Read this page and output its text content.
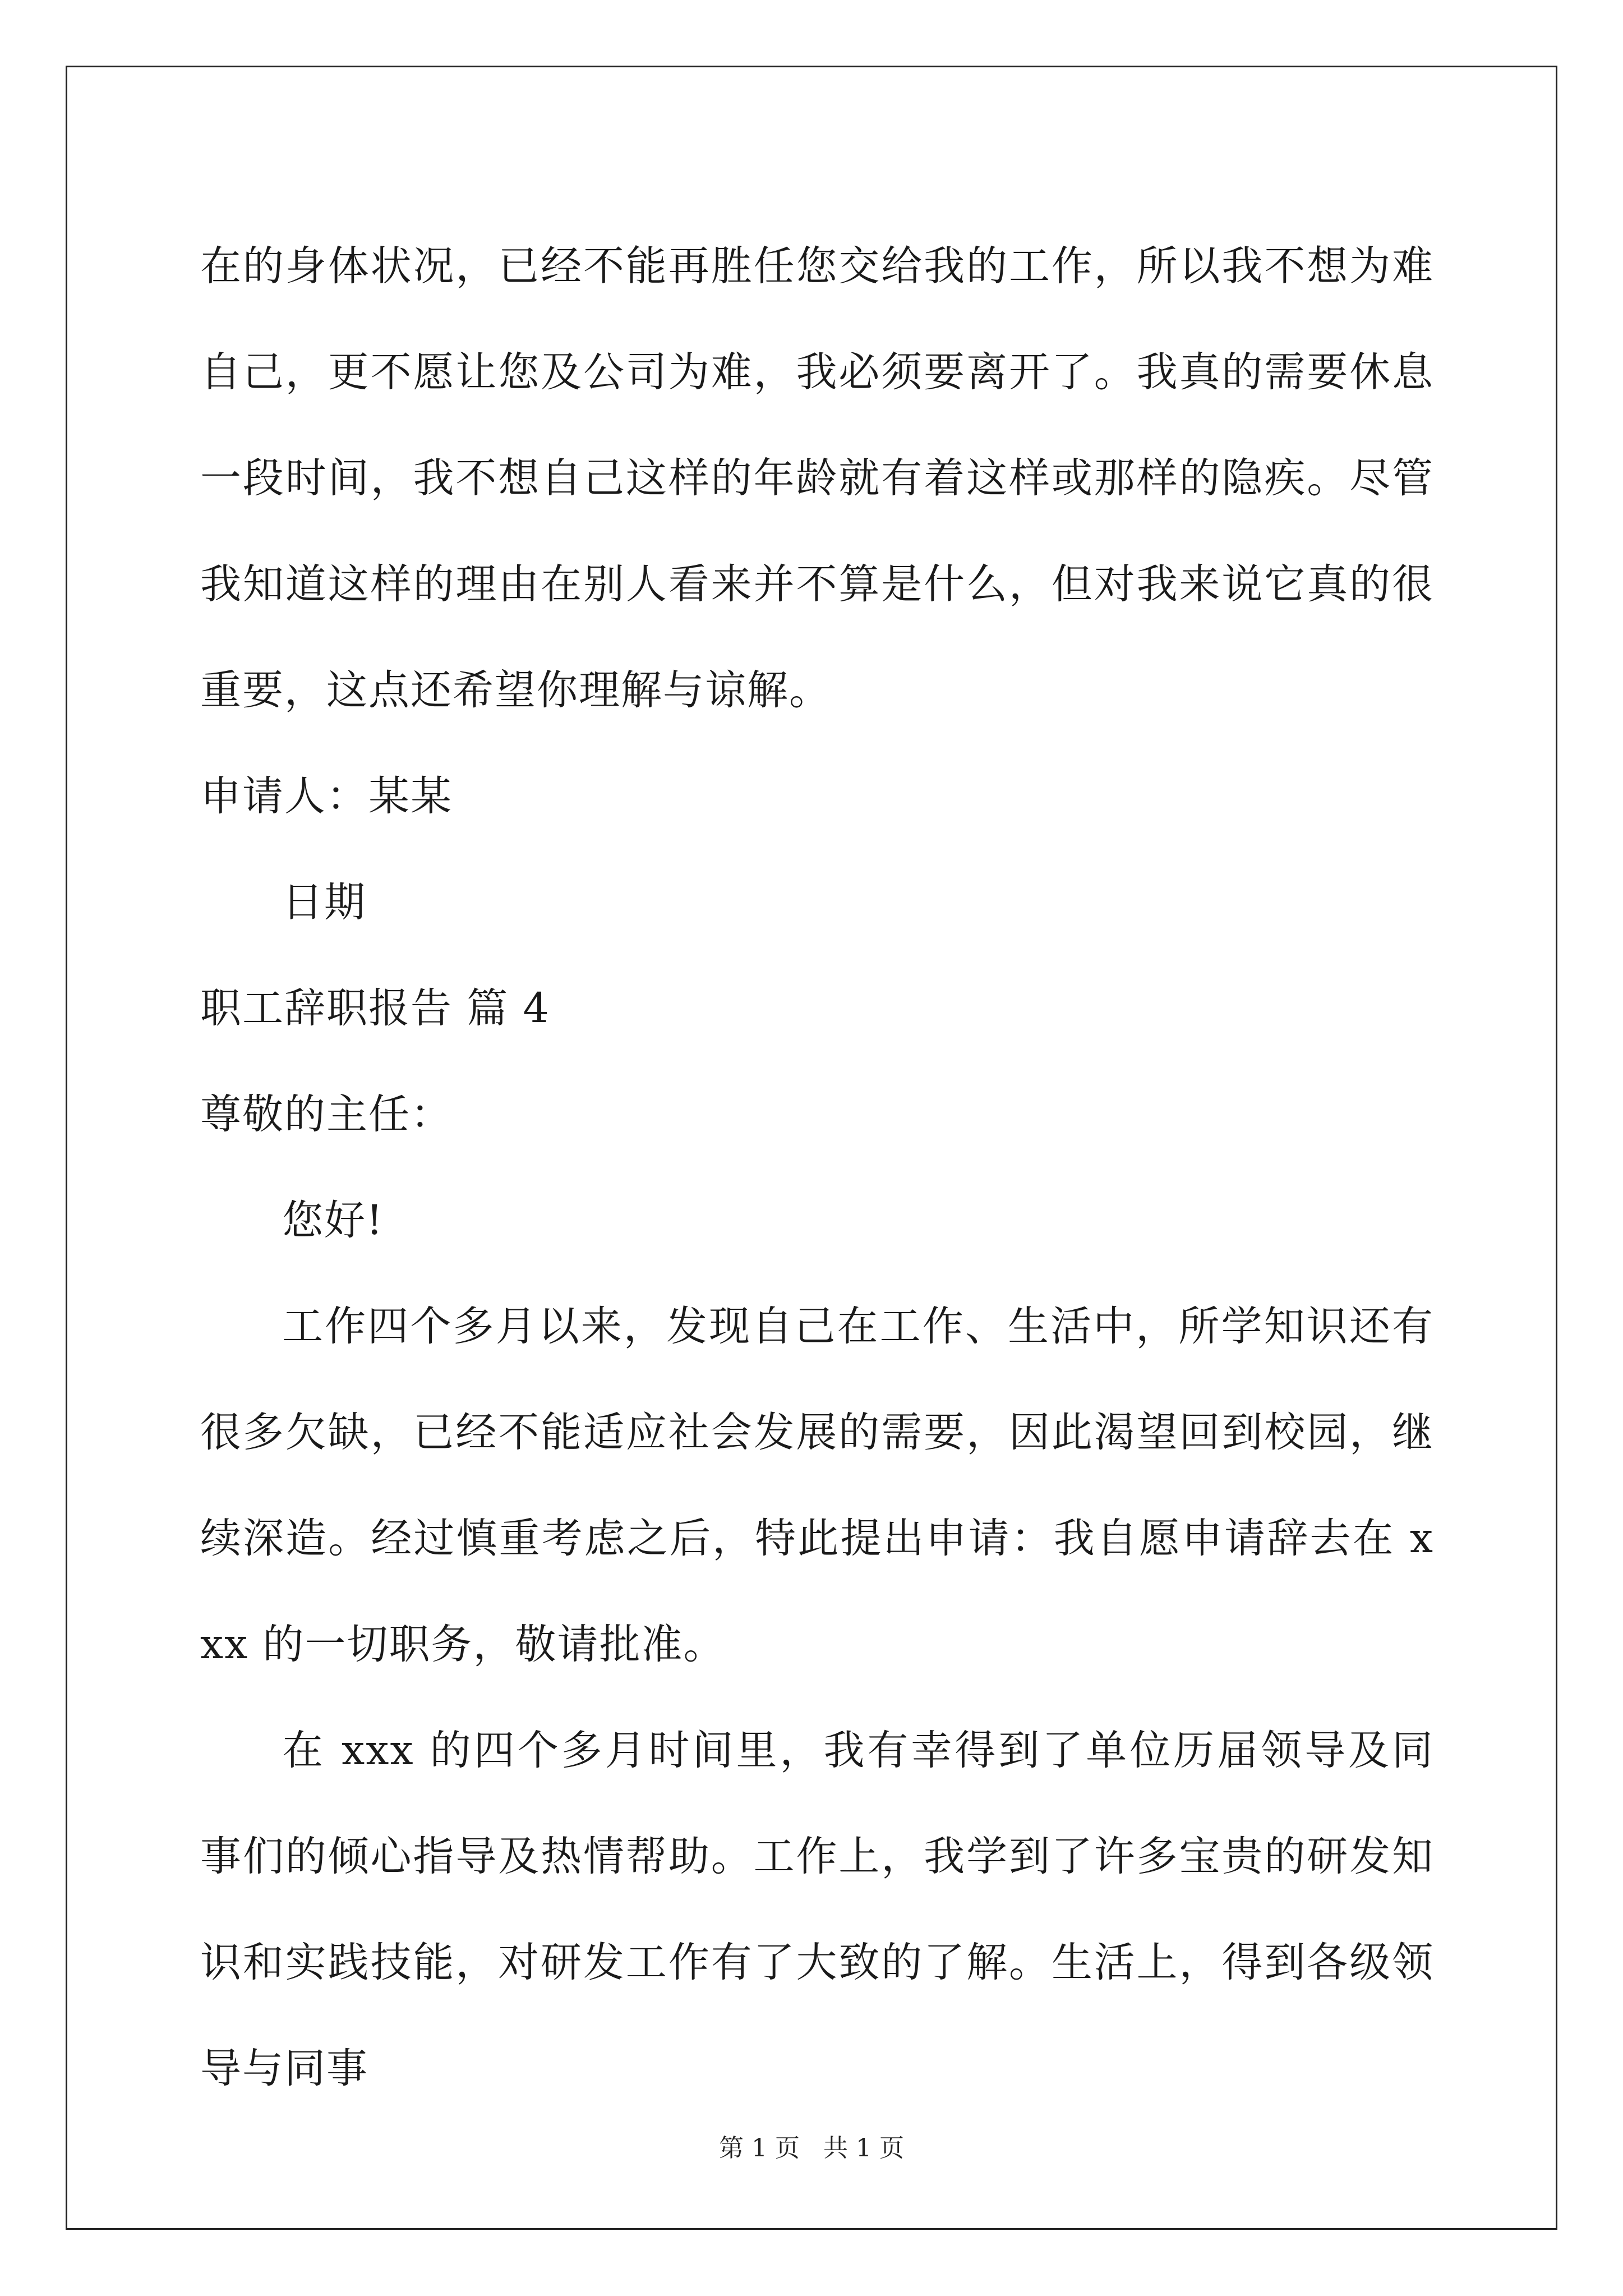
在的身体状况，已经不能再胜任您交给我的工作，所以我不想为难自己，更不愿让您及公司为难，我必须要离开了。我真的需要休息一段时间，我不想自己这样的年龄就有着这样或那样的隐疾。尽管我知道这样的理由在别人看来并不算是什么，但对我来说它真的很重要，这点还希望你理解与谅解。

申请人：某某

日期

职工辞职报告 篇 4

尊敬的主任：

您好!

工作四个多月以来，发现自己在工作、生活中，所学知识还有很多欠缺，已经不能适应社会发展的需要，因此渴望回到校园，继续深造。经过慎重考虑之后，特此提出申请：我自愿申请辞去在 xxx 的一切职务，敬请批准。

在 xxx 的四个多月时间里，我有幸得到了单位历届领导及同事们的倾心指导及热情帮助。工作上，我学到了许多宝贵的研发知识和实践技能，对研发工作有了大致的了解。生活上，得到各级领导与同事

第 1 页 共 1 页
